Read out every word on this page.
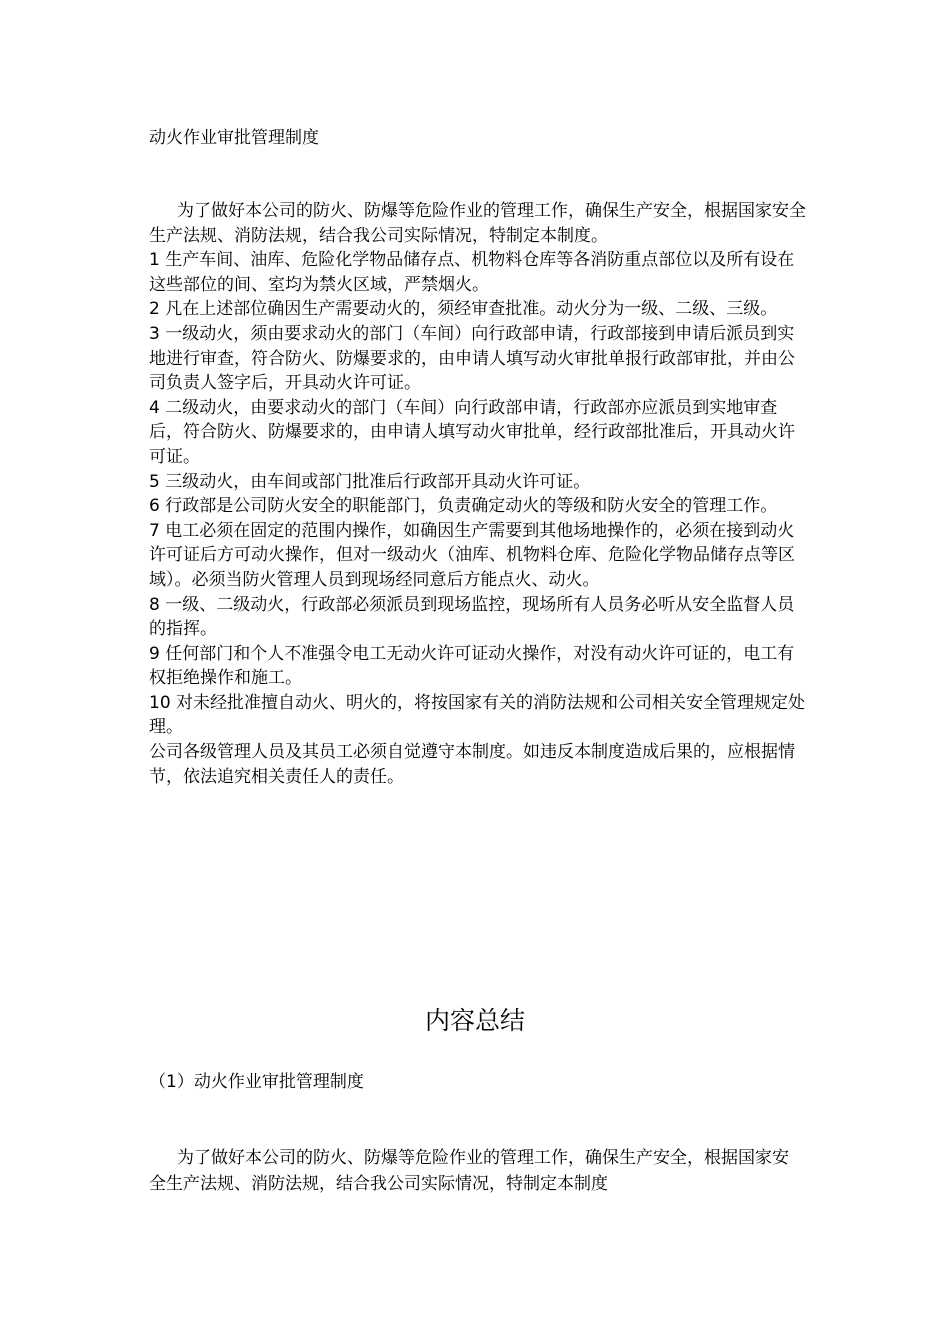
动火作业审批管理制度

为了做好本公司的防火、防爆等危险作业的管理工作，确保生产安全，根据国家安全生产法规、消防法规，结合我公司实际情况，特制定本制度。

1 生产车间、油库、危险化学物品储存点、机物料仓库等各消防重点部位以及所有设在这些部位的间、室均为禁火区域，严禁烟火。

2 凡在上述部位确因生产需要动火的，须经审查批准。动火分为一级、二级、三级。

3 一级动火，须由要求动火的部门（车间）向行政部申请，行政部接到申请后派员到实地进行审查，符合防火、防爆要求的，由申请人填写动火审批单报行政部审批，并由公司负责人签字后，开具动火许可证。

4 二级动火，由要求动火的部门（车间）向行政部申请，行政部亦应派员到实地审查后，符合防火、防爆要求的，由申请人填写动火审批单，经行政部批准后，开具动火许可证。

5 三级动火，由车间或部门批准后行政部开具动火许可证。

6 行政部是公司防火安全的职能部门，负责确定动火的等级和防火安全的管理工作。

7 电工必须在固定的范围内操作，如确因生产需要到其他场地操作的，必须在接到动火许可证后方可动火操作，但对一级动火（油库、机物料仓库、危险化学物品储存点等区域）。必须当防火管理人员到现场经同意后方能点火、动火。

8 一级、二级动火，行政部必须派员到现场监控，现场所有人员务必听从安全监督人员的指挥。

9 任何部门和个人不准强令电工无动火许可证动火操作，对没有动火许可证的，电工有权拒绝操作和施工。

10 对未经批准擅自动火、明火的，将按国家有关的消防法规和公司相关安全管理规定处理。

公司各级管理人员及其员工必须自觉遵守本制度。如违反本制度造成后果的，应根据情节，依法追究相关责任人的责任。

内容总结
（1）动火作业审批管理制度

为了做好本公司的防火、防爆等危险作业的管理工作，确保生产安全，根据国家安全生产法规、消防法规，结合我公司实际情况，特制定本制度
